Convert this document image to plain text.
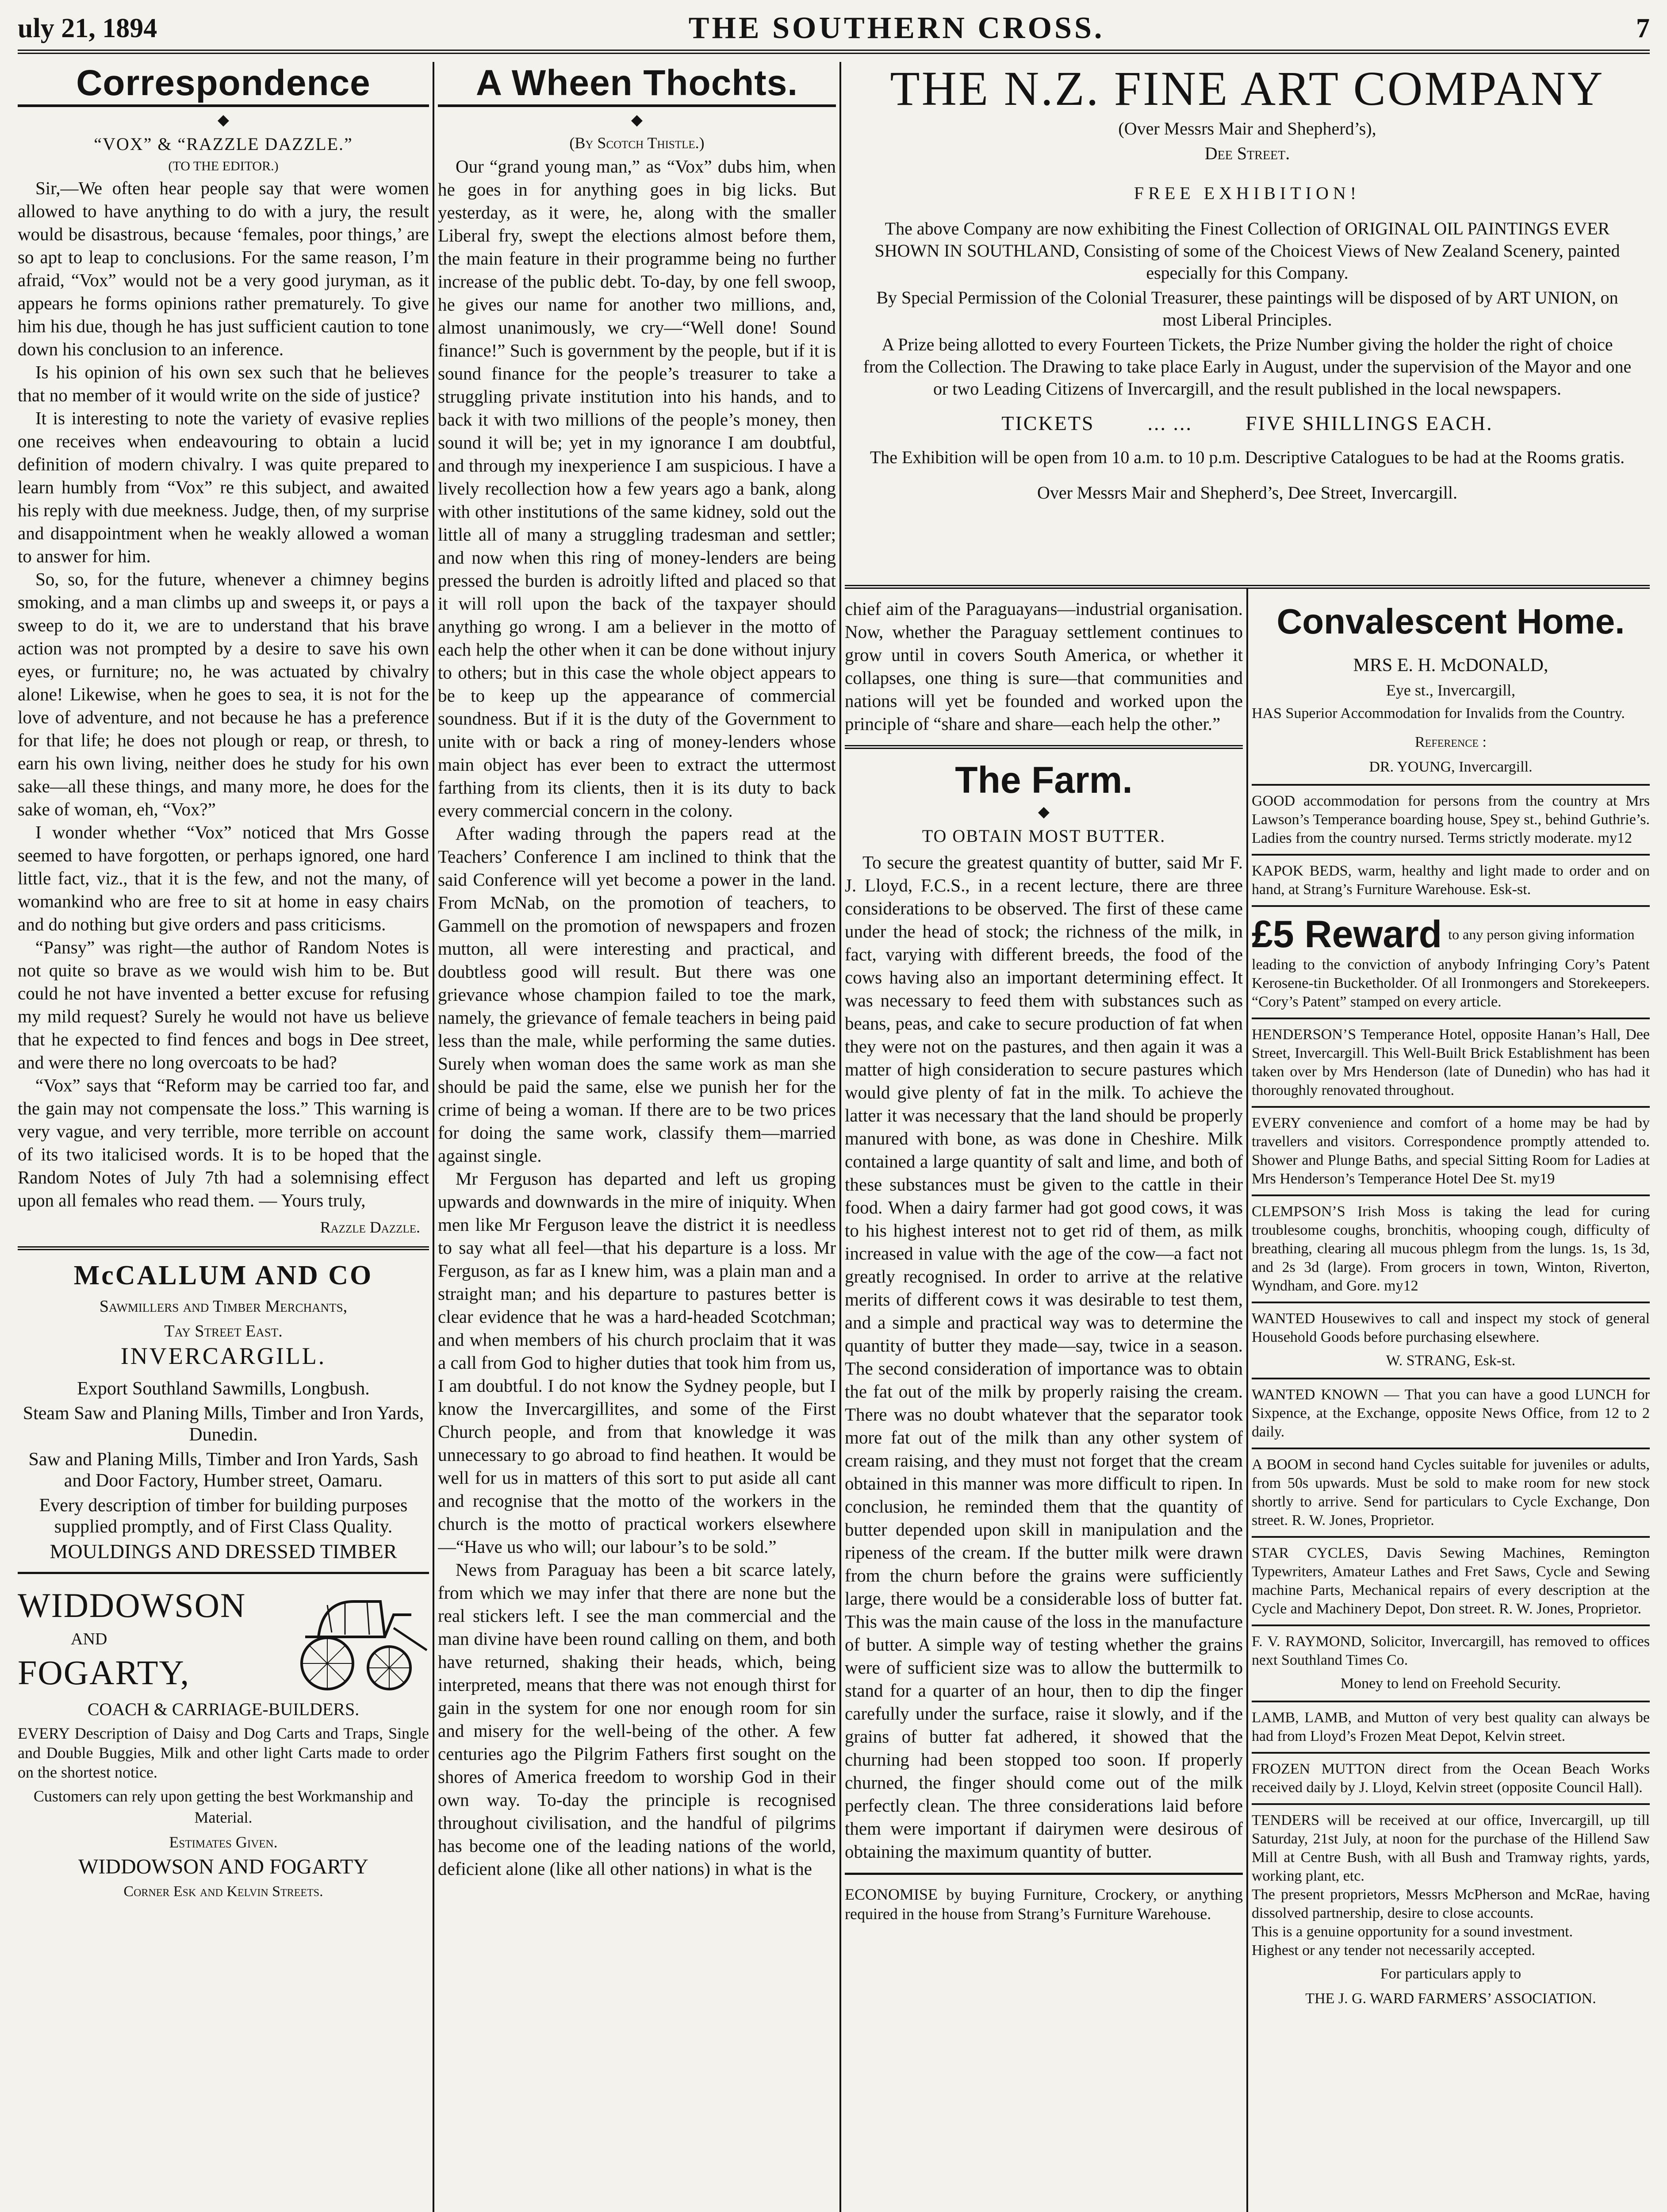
uly 21, 1894	THE SOUTHERN CROSS.	7
Correspondence
◆
“VOX” & “RAZZLE DAZZLE.”
(TO THE EDITOR.)

Sir,—We often hear people say that were women allowed to have anything to do with a jury, the result would be disastrous, because ‘females, poor things,’ are so apt to leap to conclusions. For the same reason, I’m afraid, “Vox” would not be a very good juryman, as it appears he forms opinions rather prematurely. To give him his due, though he has just sufficient caution to tone down his conclusion to an inference.

Is his opinion of his own sex such that he believes that no member of it would write on the side of justice?

It is interesting to note the variety of evasive replies one receives when endeavouring to obtain a lucid definition of modern chivalry. I was quite prepared to learn humbly from “Vox” re this subject, and awaited his reply with due meekness. Judge, then, of my surprise and disappointment when he weakly allowed a woman to answer for him.

So, so, for the future, whenever a chimney begins smoking, and a man climbs up and sweeps it, or pays a sweep to do it, we are to understand that his brave action was not prompted by a desire to save his own eyes, or furniture; no, he was actuated by chivalry alone! Likewise, when he goes to sea, it is not for the love of adventure, and not because he has a preference for that life; he does not plough or reap, or thresh, to earn his own living, neither does he study for his own sake—all these things, and many more, he does for the sake of woman, eh, “Vox?”

I wonder whether “Vox” noticed that Mrs Gosse seemed to have forgotten, or perhaps ignored, one hard little fact, viz., that it is the few, and not the many, of womankind who are free to sit at home in easy chairs and do nothing but give orders and pass criticisms.

“Pansy” was right—the author of Random Notes is not quite so brave as we would wish him to be. But could he not have invented a better excuse for refusing my mild request? Surely he would not have us believe that he expected to find fences and bogs in Dee street, and were there no long overcoats to be had?

“Vox” says that “Reform may be carried too far, and the gain may not compensate the loss.” This warning is very vague, and very terrible, more terrible on account of its two italicised words. It is to be hoped that the Random Notes of July 7th had a solemnising effect upon all females who read them. — Yours truly,

Razzle Dazzle.
McCALLUM AND CO
Sawmillers and Timber Merchants,
Tay Street East.
INVERCARGILL.
Export Southland Sawmills, Longbush.
Steam Saw and Planing Mills, Timber and Iron Yards, Dunedin.
Saw and Planing Mills, Timber and Iron Yards, Sash and Door Factory, Humber street, Oamaru.
Every description of timber for building purposes supplied promptly, and of First Class Quality.
MOULDINGS AND DRESSED TIMBER
WIDDOWSON
AND
FOGARTY,
COACH & CARRIAGE-BUILDERS.

EVERY Description of Daisy and Dog Carts and Traps, Single and Double Buggies, Milk and other light Carts made to order on the shortest notice.

Customers can rely upon getting the best Workmanship and Material.
Estimates Given.
WIDDOWSON AND FOGARTY
Corner Esk and Kelvin Streets.
A Wheen Thochts.
◆
(By Scotch Thistle.)

Our “grand young man,” as “Vox” dubs him, when he goes in for anything goes in big licks. But yesterday, as it were, he, along with the smaller Liberal fry, swept the elections almost before them, the main feature in their programme being no further increase of the public debt. To-day, by one fell swoop, he gives our name for another two millions, and, almost unanimously, we cry—“Well done! Sound finance!” Such is government by the people, but if it is sound finance for the people’s treasurer to take a struggling private institution into his hands, and to back it with two millions of the people’s money, then sound it will be; yet in my ignorance I am doubtful, and through my inexperience I am suspicious. I have a lively recollection how a few years ago a bank, along with other institutions of the same kidney, sold out the little all of many a struggling tradesman and settler; and now when this ring of money-lenders are being pressed the burden is adroitly lifted and placed so that it will roll upon the back of the taxpayer should anything go wrong. I am a believer in the motto of each help the other when it can be done without injury to others; but in this case the whole object appears to be to keep up the appearance of commercial soundness. But if it is the duty of the Government to unite with or back a ring of money-lenders whose main object has ever been to extract the uttermost farthing from its clients, then it is its duty to back every commercial concern in the colony.

After wading through the papers read at the Teachers’ Conference I am inclined to think that the said Conference will yet become a power in the land. From McNab, on the promotion of teachers, to Gammell on the promotion of newspapers and frozen mutton, all were interesting and practical, and doubtless good will result. But there was one grievance whose champion failed to toe the mark, namely, the grievance of female teachers in being paid less than the male, while performing the same duties. Surely when woman does the same work as man she should be paid the same, else we punish her for the crime of being a woman. If there are to be two prices for doing the same work, classify them—married against single.

Mr Ferguson has departed and left us groping upwards and downwards in the mire of iniquity. When men like Mr Ferguson leave the district it is needless to say what all feel—that his departure is a loss. Mr Ferguson, as far as I knew him, was a plain man and a straight man; and his departure to pastures better is clear evidence that he was a hard-headed Scotchman; and when members of his church proclaim that it was a call from God to higher duties that took him from us, I am doubtful. I do not know the Sydney people, but I know the Invercargillites, and some of the First Church people, and from that knowledge it was unnecessary to go abroad to find heathen. It would be well for us in matters of this sort to put aside all cant and recognise that the motto of the workers in the church is the motto of practical workers elsewhere—“Have us who will; our labour’s to be sold.”

News from Paraguay has been a bit scarce lately, from which we may infer that there are none but the real stickers left. I see the man commercial and the man divine have been round calling on them, and both have returned, shaking their heads, which, being interpreted, means that there was not enough thirst for gain in the system for one nor enough room for sin and misery for the well-being of the other. A few centuries ago the Pilgrim Fathers first sought on the shores of America freedom to worship God in their own way. To-day the principle is recognised throughout civilisation, and the handful of pilgrims has become one of the leading nations of the world, deficient alone (like all other nations) in what is the

THE N.Z. FINE ART COMPANY
(Over Messrs Mair and Shepherd’s),
Dee Street.
FREE EXHIBITION!
The above Company are now exhibiting the Finest Collection of ORIGINAL OIL PAINTINGS EVER SHOWN IN SOUTHLAND, Consisting of some of the Choicest Views of New Zealand Scenery, painted especially for this Company.
By Special Permission of the Colonial Treasurer, these paintings will be disposed of by ART UNION, on most Liberal Principles.
A Prize being allotted to every Fourteen Tickets, the Prize Number giving the holder the right of choice from the Collection. The Drawing to take place Early in August, under the supervision of the Mayor and one or two Leading Citizens of Invercargill, and the result published in the local newspapers.
TICKETS	... ...	FIVE SHILLINGS EACH.
The Exhibition will be open from 10 a.m. to 10 p.m. Descriptive Catalogues to be had at the Rooms gratis.
Over Messrs Mair and Shepherd’s, Dee Street, Invercargill.

chief aim of the Paraguayans—industrial organisation. Now, whether the Paraguay settlement continues to grow until in covers South America, or whether it collapses, one thing is sure—that communities and nations will yet be founded and worked upon the principle of “share and share—each help the other.”

The Farm.
◆
TO OBTAIN MOST BUTTER.

To secure the greatest quantity of butter, said Mr F. J. Lloyd, F.C.S., in a recent lecture, there are three considerations to be observed. The first of these came under the head of stock; the richness of the milk, in fact, varying with different breeds, the food of the cows having also an important determining effect. It was necessary to feed them with substances such as beans, peas, and cake to secure production of fat when they were not on the pastures, and then again it was a matter of high consideration to secure pastures which would give plenty of fat in the milk. To achieve the latter it was necessary that the land should be properly manured with bone, as was done in Cheshire. Milk contained a large quantity of salt and lime, and both of these substances must be given to the cattle in their food. When a dairy farmer had got good cows, it was to his highest interest not to get rid of them, as milk increased in value with the age of the cow—a fact not greatly recognised. In order to arrive at the relative merits of different cows it was desirable to test them, and a simple and practical way was to determine the quantity of butter they made—say, twice in a season. The second consideration of importance was to obtain the fat out of the milk by properly raising the cream. There was no doubt whatever that the separator took more fat out of the milk than any other system of cream raising, and they must not forget that the cream obtained in this manner was more difficult to ripen. In conclusion, he reminded them that the quantity of butter depended upon skill in manipulation and the ripeness of the cream. If the butter milk were drawn from the churn before the grains were sufficiently large, there would be a considerable loss of butter fat. This was the main cause of the loss in the manufacture of butter. A simple way of testing whether the grains were of sufficient size was to allow the buttermilk to stand for a quarter of an hour, then to dip the finger carefully under the surface, raise it slowly, and if the grains of butter fat adhered, it showed that the churning had been stopped too soon. If properly churned, the finger should come out of the milk perfectly clean. The three considerations laid before them were important if dairymen were desirous of obtaining the maximum quantity of butter.

ECONOMISE by buying Furniture, Crockery, or anything required in the house from Strang’s Furniture Warehouse.

Convalescent Home.
MRS E. H. McDONALD,
Eye st., Invercargill,

HAS Superior Accommodation for Invalids from the Country.

Reference :
DR. YOUNG, Invercargill.

GOOD accommodation for persons from the country at Mrs Lawson’s Temperance boarding house, Spey st., behind Guthrie’s. Ladies from the country nursed. Terms strictly moderate. my12

KAPOK BEDS, warm, healthy and light made to order and on hand, at Strang’s Furniture Warehouse. Esk-st.

£5 Reward to any person giving information

leading to the conviction of anybody Infringing Cory’s Patent Kerosene-tin Bucketholder. Of all Ironmongers and Storekeepers. “Cory’s Patent” stamped on every article.

HENDERSON’S Temperance Hotel, opposite Hanan’s Hall, Dee Street, Invercargill. This Well-Built Brick Establishment has been taken over by Mrs Henderson (late of Dunedin) who has had it thoroughly renovated throughout.

EVERY convenience and comfort of a home may be had by travellers and visitors. Correspondence promptly attended to. Shower and Plunge Baths, and special Sitting Room for Ladies at Mrs Henderson’s Temperance Hotel Dee St. my19

CLEMPSON’S Irish Moss is taking the lead for curing troublesome coughs, bronchitis, whooping cough, difficulty of breathing, clearing all mucous phlegm from the lungs. 1s, 1s 3d, and 2s 3d (large). From grocers in town, Winton, Riverton, Wyndham, and Gore. my12

WANTED Housewives to call and inspect my stock of general Household Goods before purchasing elsewhere.

W. STRANG, Esk-st.

WANTED KNOWN — That you can have a good LUNCH for Sixpence, at the Exchange, opposite News Office, from 12 to 2 daily.

A BOOM in second hand Cycles suitable for juveniles or adults, from 50s upwards. Must be sold to make room for new stock shortly to arrive. Send for particulars to Cycle Exchange, Don street. R. W. Jones, Proprietor.

STAR CYCLES, Davis Sewing Machines, Remington Typewriters, Amateur Lathes and Fret Saws, Cycle and Sewing machine Parts, Mechanical repairs of every description at the Cycle and Machinery Depot, Don street. R. W. Jones, Proprietor.

F. V. RAYMOND, Solicitor, Invercargill, has removed to offices next Southland Times Co.

Money to lend on Freehold Security.

LAMB, LAMB, and Mutton of very best quality can always be had from Lloyd’s Frozen Meat Depot, Kelvin street.

FROZEN MUTTON direct from the Ocean Beach Works received daily by J. Lloyd, Kelvin street (opposite Council Hall).

TENDERS will be received at our office, Invercargill, up till Saturday, 21st July, at noon for the purchase of the Hillend Saw Mill at Centre Bush, with all Bush and Tramway rights, yards, working plant, etc.

The present proprietors, Messrs McPherson and McRae, having dissolved partnership, desire to close accounts.

This is a genuine opportunity for a sound investment.

Highest or any tender not necessarily accepted.

For particulars apply to
THE J. G. WARD FARMERS’ ASSOCIATION.
